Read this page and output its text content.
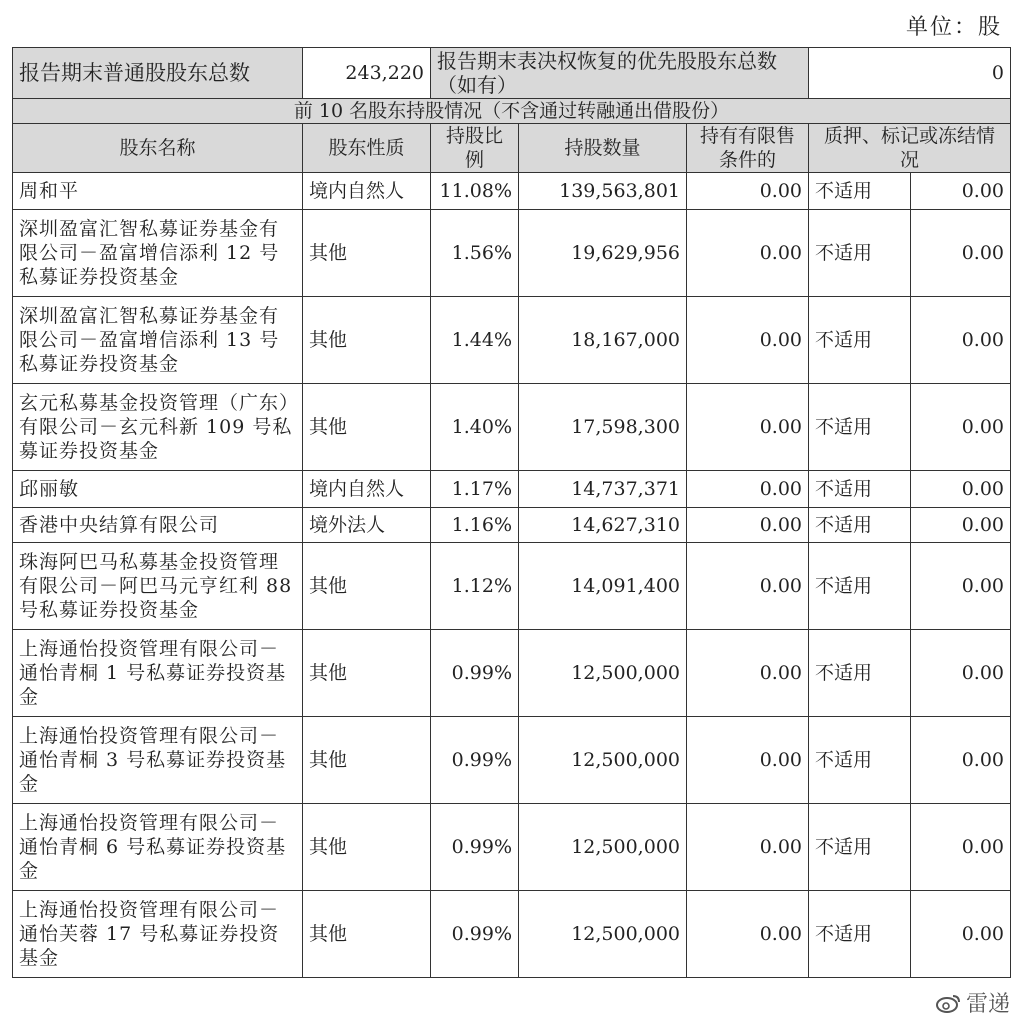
单位：股
报告期末普通股股东总数	243,220	报告期末表决权恢复的优先股股东总数（如有）			0	
前 10 名股东持股情况（不含通过转融通出借股份）						
股东名称	股东性质	持股比例	持股数量	持有有限售条件的	质押、标记或冻结情况	
周和平	境内自然人	11.08%	139,563,801	0.00	不适用	0.00
深圳盈富汇智私募证券基金有限公司－盈富增信添利 12 号私募证券投资基金	其他	1.56%	19,629,956	0.00	不适用	0.00
深圳盈富汇智私募证券基金有限公司－盈富增信添利 13 号私募证券投资基金	其他	1.44%	18,167,000	0.00	不适用	0.00
玄元私募基金投资管理（广东）有限公司－玄元科新 109 号私募证券投资基金	其他	1.40%	17,598,300	0.00	不适用	0.00
邱丽敏	境内自然人	1.17%	14,737,371	0.00	不适用	0.00
香港中央结算有限公司	境外法人	1.16%	14,627,310	0.00	不适用	0.00
珠海阿巴马私募基金投资管理有限公司－阿巴马元亨红利 88 号私募证券投资基金	其他	1.12%	14,091,400	0.00	不适用	0.00
上海通怡投资管理有限公司－通怡青桐 1 号私募证券投资基金	其他	0.99%	12,500,000	0.00	不适用	0.00
上海通怡投资管理有限公司－通怡青桐 3 号私募证券投资基金	其他	0.99%	12,500,000	0.00	不适用	0.00
上海通怡投资管理有限公司－通怡青桐 6 号私募证券投资基金	其他	0.99%	12,500,000	0.00	不适用	0.00
上海通怡投资管理有限公司－通怡芙蓉 17 号私募证券投资基金	其他	0.99%	12,500,000	0.00	不适用	0.00
雷递
